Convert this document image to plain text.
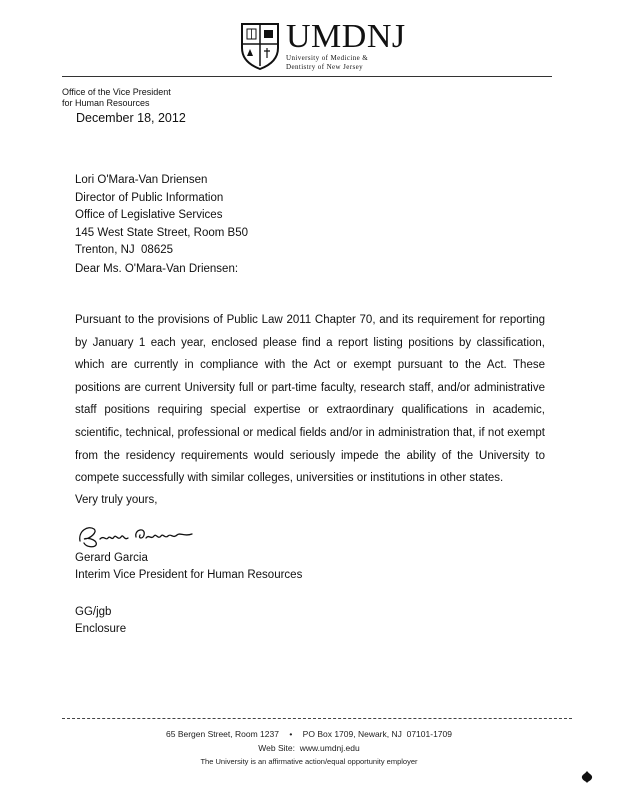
UMDNJ
University of Medicine &
Dentistry of New Jersey
Office of the Vice President
for Human Resources
December 18, 2012
Lori O'Mara-Van Driensen
Director of Public Information
Office of Legislative Services
145 West State Street, Room B50
Trenton, NJ  08625
Dear Ms. O'Mara-Van Driensen:

Pursuant to the provisions of Public Law 2011 Chapter 70, and its requirement for reporting by January 1 each year, enclosed please find a report listing positions by classification, which are currently in compliance with the Act or exempt pursuant to the Act. These positions are current University full or part-time faculty, research staff, and/or administrative staff positions requiring special expertise or extraordinary qualifications in academic, scientific, technical, professional or medical fields and/or in administration that, if not exempt from the residency requirements would seriously impede the ability of the University to compete successfully with similar colleges, universities or institutions in other states.

Very truly yours,
Gerard Garcia
Interim Vice President for Human Resources
GG/jgb
Enclosure
65 Bergen Street, Room 1237 • PO Box 1709, Newark, NJ  07101-1709
Web Site:  www.umdnj.edu
The University is an affirmative action/equal opportunity employer
